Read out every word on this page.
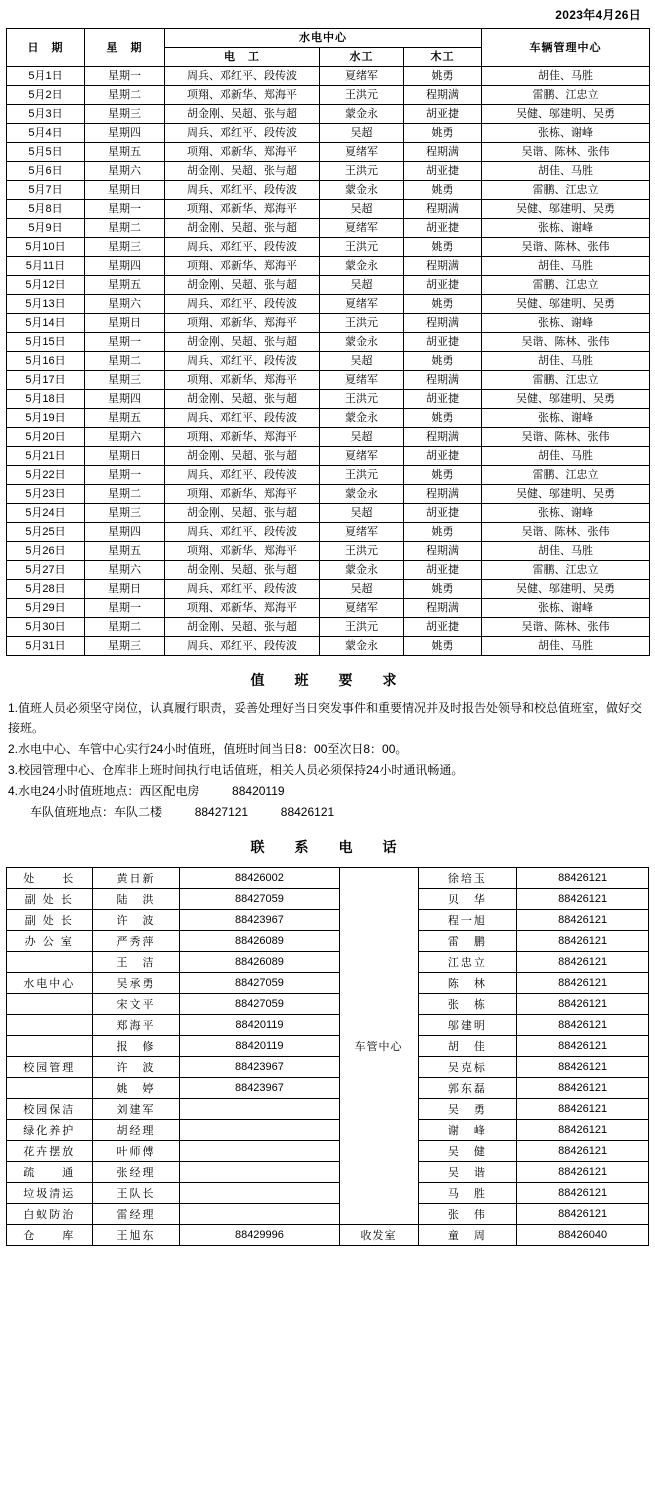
2023年4月26日
日　期	星　期	水电中心			车辆管理中心
		电　工	水工	木工	
5月1日	星期一	周兵、邓红平、段传波	夏绪军	姚勇	胡佳、马胜
5月2日	星期二	项翔、邓新华、郑海平	王洪元	程期满	雷鹏、江忠立
5月3日	星期三	胡金刚、吴超、张与超	蒙金永	胡亚捷	吴健、邬建明、吴勇
5月4日	星期四	周兵、邓红平、段传波	吴超	姚勇	张栋、谢峰
5月5日	星期五	项翔、邓新华、郑海平	夏绪军	程期满	吴谐、陈林、张伟
5月6日	星期六	胡金刚、吴超、张与超	王洪元	胡亚捷	胡佳、马胜
5月7日	星期日	周兵、邓红平、段传波	蒙金永	姚勇	雷鹏、江忠立
5月8日	星期一	项翔、邓新华、郑海平	吴超	程期满	吴健、邬建明、吴勇
5月9日	星期二	胡金刚、吴超、张与超	夏绪军	胡亚捷	张栋、谢峰
5月10日	星期三	周兵、邓红平、段传波	王洪元	姚勇	吴谐、陈林、张伟
5月11日	星期四	项翔、邓新华、郑海平	蒙金永	程期满	胡佳、马胜
5月12日	星期五	胡金刚、吴超、张与超	吴超	胡亚捷	雷鹏、江忠立
5月13日	星期六	周兵、邓红平、段传波	夏绪军	姚勇	吴健、邬建明、吴勇
5月14日	星期日	项翔、邓新华、郑海平	王洪元	程期满	张栋、谢峰
5月15日	星期一	胡金刚、吴超、张与超	蒙金永	胡亚捷	吴谐、陈林、张伟
5月16日	星期二	周兵、邓红平、段传波	吴超	姚勇	胡佳、马胜
5月17日	星期三	项翔、邓新华、郑海平	夏绪军	程期满	雷鹏、江忠立
5月18日	星期四	胡金刚、吴超、张与超	王洪元	胡亚捷	吴健、邬建明、吴勇
5月19日	星期五	周兵、邓红平、段传波	蒙金永	姚勇	张栋、谢峰
5月20日	星期六	项翔、邓新华、郑海平	吴超	程期满	吴谐、陈林、张伟
5月21日	星期日	胡金刚、吴超、张与超	夏绪军	胡亚捷	胡佳、马胜
5月22日	星期一	周兵、邓红平、段传波	王洪元	姚勇	雷鹏、江忠立
5月23日	星期二	项翔、邓新华、郑海平	蒙金永	程期满	吴健、邬建明、吴勇
5月24日	星期三	胡金刚、吴超、张与超	吴超	胡亚捷	张栋、谢峰
5月25日	星期四	周兵、邓红平、段传波	夏绪军	姚勇	吴谐、陈林、张伟
5月26日	星期五	项翔、邓新华、郑海平	王洪元	程期满	胡佳、马胜
5月27日	星期六	胡金刚、吴超、张与超	蒙金永	胡亚捷	雷鹏、江忠立
5月28日	星期日	周兵、邓红平、段传波	吴超	姚勇	吴健、邬建明、吴勇
5月29日	星期一	项翔、邓新华、郑海平	夏绪军	程期满	张栋、谢峰
5月30日	星期二	胡金刚、吴超、张与超	王洪元	胡亚捷	吴谐、陈林、张伟
5月31日	星期三	周兵、邓红平、段传波	蒙金永	姚勇	胡佳、马胜
值　班　要　求

1.值班人员必须坚守岗位，认真履行职责，妥善处理好当日突发事件和重要情况并及时报告处领导和校总值班室，做好交接班。

2.水电中心、车管中心实行24小时值班，值班时间当日8：00至次日8：00。

3.校园管理中心、仓库非上班时间执行电话值班，相关人员必须保持24小时通讯畅通。

4.水电24小时值班地点：西区配电房	88420119

车队值班地点：车队二楼	88427121	88426121

联　系　电　话
处　　长	黄日新	88426002	车管中心	徐培玉	88426121
副 处 长	陆　洪	88427059		贝　华	88426121
副 处 长	许　波	88423967		程一旭	88426121
办 公 室	严秀萍	88426089		雷　鹏	88426121
	王　洁	88426089		江忠立	88426121
水电中心	吴承勇	88427059		陈　林	88426121
	宋文平	88427059		张　栋	88426121
	郑海平	88420119		邬建明	88426121
	报　修	88420119		胡　佳	88426121
校园管理	许　波	88423967		吴克标	88426121
	姚　婷	88423967		郭东磊	88426121
校园保洁	刘建军			吴　勇	88426121
绿化养护	胡经理			谢　峰	88426121
花卉摆放	叶师傅			吴　健	88426121
疏　　通	张经理			吴　谐	88426121
垃圾清运	王队长			马　胜	88426121
白蚁防治	雷经理			张　伟	88426121
仓　　库	王旭东	88429996	收发室	童　周	88426040
